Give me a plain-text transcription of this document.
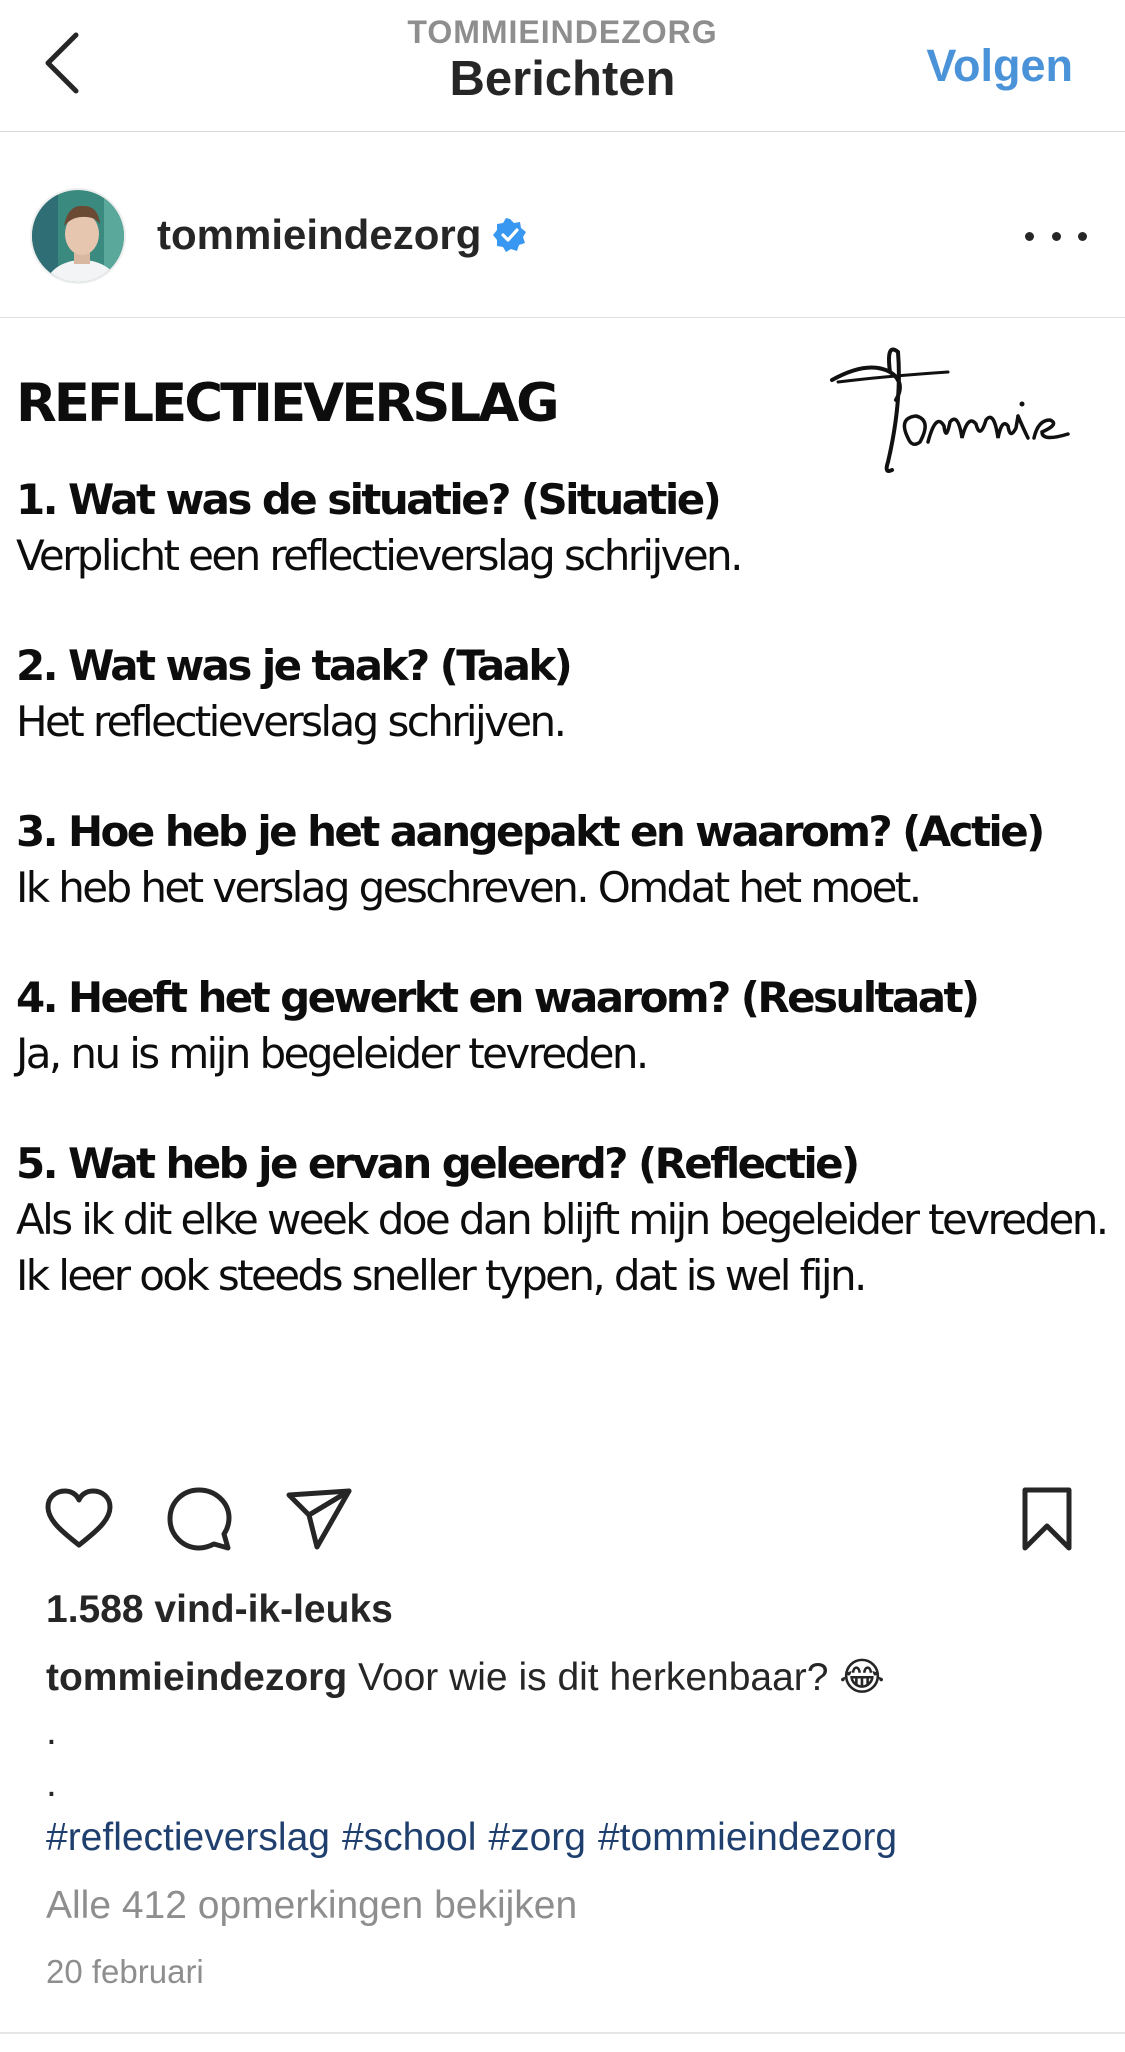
TOMMIEINDEZORG
Berichten	Volgen
tommieindezorg
REFLECTIEVERSLAG
1. Wat was de situatie? (Situatie)
Verplicht een reflectieverslag schrijven.
2. Wat was je taak? (Taak)
Het reflectieverslag schrijven.
3. Hoe heb je het aangepakt en waarom? (Actie)
Ik heb het verslag geschreven. Omdat het moet.
4. Heeft het gewerkt en waarom? (Resultaat)
Ja, nu is mijn begeleider tevreden.
5. Wat heb je ervan geleerd? (Reflectie)
Als ik dit elke week doe dan blijft mijn begeleider tevreden. Ik leer ook steeds sneller typen, dat is wel fijn.
1.588 vind-ik-leuks
tommieindezorg Voor wie is dit herkenbaar? 😂
.
.
#reflectieverslag #school #zorg #tommieindezorg
Alle 412 opmerkingen bekijken
20 februari
